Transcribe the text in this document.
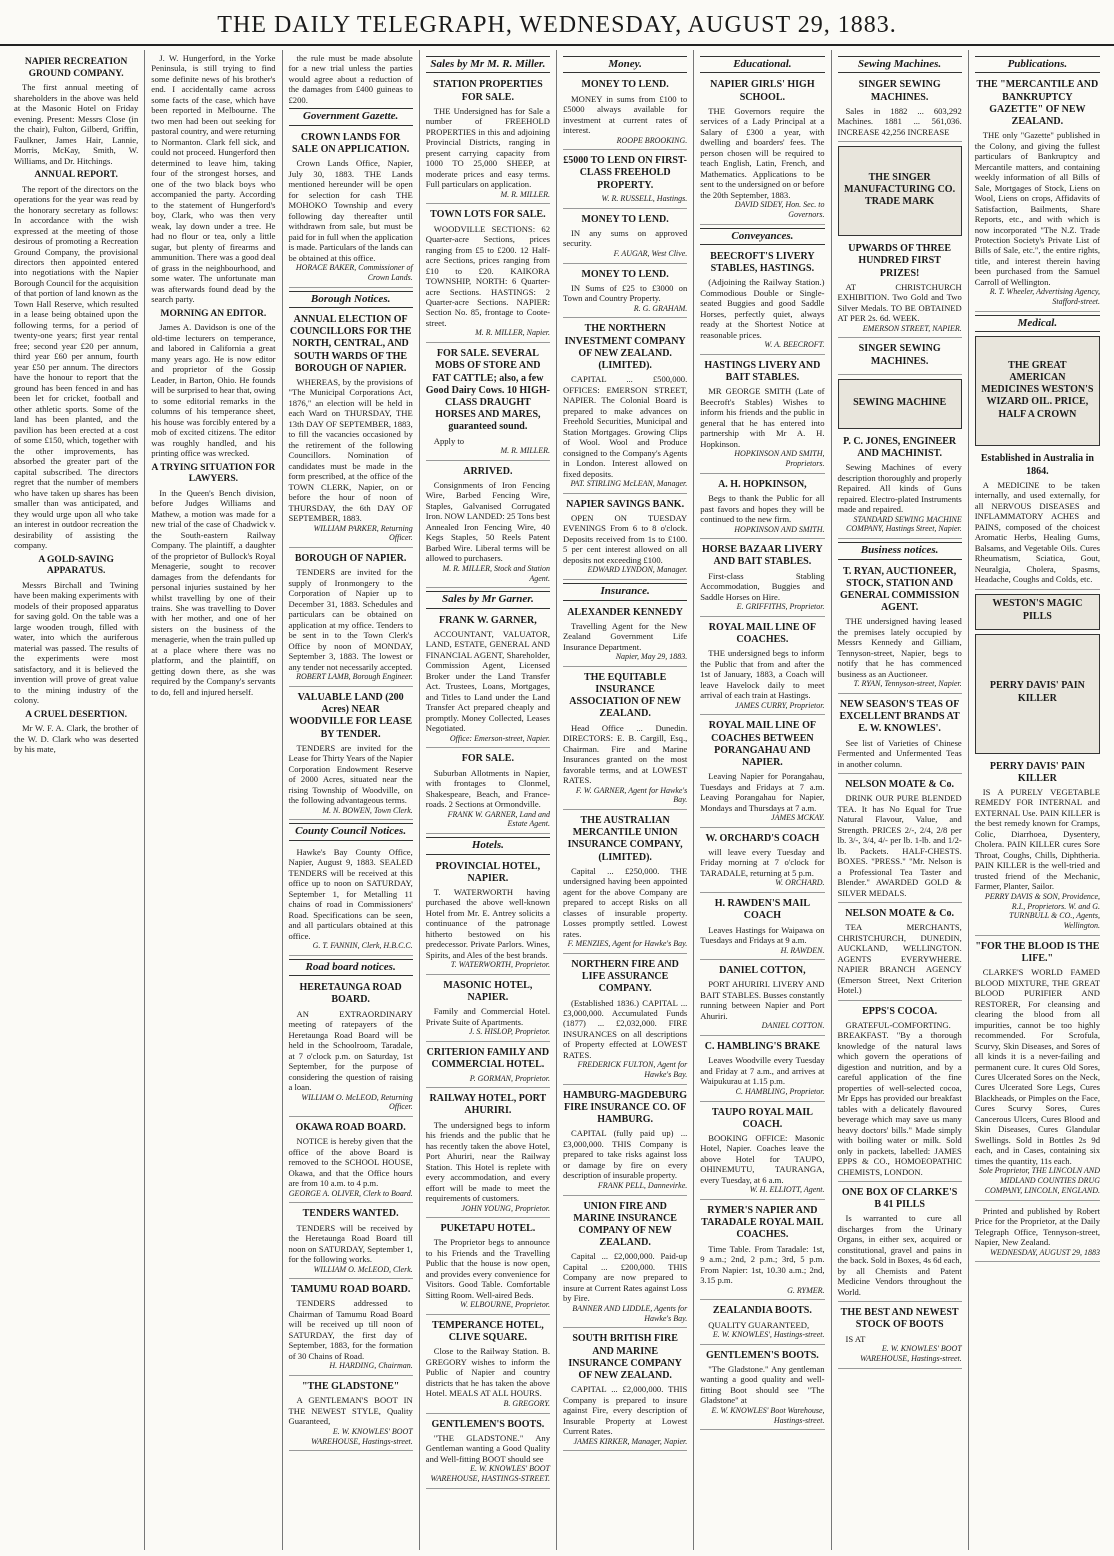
THE DAILY TELEGRAPH, WEDNESDAY, AUGUST 29, 1883.
NAPIER RECREATION GROUND COMPANY.
The first annual meeting of shareholders in the above was held at the Masonic Hotel on Friday evening. Present: Messrs Close (in the chair), Fulton, Gilberd, Griffin, Faulkner, James Hair, Lannie, Morris, McKay, Smith, W. Williams, and Dr. Hitchings.
ANNUAL REPORT.
The report of the directors on the operations for the year was read by the honorary secretary as follows: In accordance with the wish expressed at the meeting of those desirous of promoting a Recreation Ground Company, the provisional directors then appointed entered into negotiations with the Napier Borough Council for the acquisition of that portion of land known as the Town Hall Reserve, which resulted in a lease being obtained upon the following terms, for a period of twenty-one years; first year rental free; second year £20 per annum, third year £60 per annum, fourth year £50 per annum. The directors have the honour to report that the ground has been fenced in and has been let for cricket, football and other athletic sports. Some of the land has been planted, and the pavilion has been erected at a cost of some £150, which, together with the other improvements, has absorbed the greater part of the capital subscribed. The directors regret that the number of members who have taken up shares has been smaller than was anticipated, and they would urge upon all who take an interest in outdoor recreation the desirability of assisting the company.
A GOLD-SAVING APPARATUS.
Messrs Birchall and Twining have been making experiments with models of their proposed apparatus for saving gold. On the table was a large wooden trough, filled with water, into which the auriferous material was passed. The results of the experiments were most satisfactory, and it is believed the invention will prove of great value to the mining industry of the colony.
A CRUEL DESERTION.
Mr W. F. A. Clark, the brother of the W. D. Clark who was deserted by his mate,
J. W. Hungerford, in the Yorke Peninsula, is still trying to find some definite news of his brother's end. I accidentally came across some facts of the case, which have been reported in Melbourne. The two men had been out seeking for pastoral country, and were returning to Normanton. Clark fell sick, and could not proceed. Hungerford then determined to leave him, taking four of the strongest horses, and one of the two black boys who accompanied the party. According to the statement of Hungerford's boy, Clark, who was then very weak, lay down under a tree. He had no flour or tea, only a little sugar, but plenty of firearms and ammunition. There was a good deal of grass in the neighbourhood, and some water. The unfortunate man was afterwards found dead by the search party.
MORNING AN EDITOR.
James A. Davidson is one of the old-time lecturers on temperance, and labored in California a great many years ago. He is now editor and proprietor of the Gossip Leader, in Barton, Ohio. He founds will be surprised to hear that, owing to some editorial remarks in the columns of his temperance sheet, his house was forcibly entered by a mob of excited citizens. The editor was roughly handled, and his printing office was wrecked.
A TRYING SITUATION FOR LAWYERS.
In the Queen's Bench division, before Judges Williams and Mathew, a motion was made for a new trial of the case of Chadwick v. the South-eastern Railway Company. The plaintiff, a daughter of the proprietor of Bullock's Royal Menagerie, sought to recover damages from the defendants for personal injuries sustained by her whilst travelling by one of their trains. She was travelling to Dover with her mother, and one of her sisters on the business of the menagerie, when the train pulled up at a place where there was no platform, and the plaintiff, on getting down there, as she was required by the Company's servants to do, fell and injured herself.
the rule must be made absolute for a new trial unless the parties would agree about a reduction of the damages from £400 guineas to £200.
Government Gazette.
CROWN LANDS FOR SALE ON APPLICATION.
Crown Lands Office, Napier, July 30, 1883. THE Lands mentioned hereunder will be open for selection for cash THE MOHOKO Township and every following day thereafter until withdrawn from sale, but must be paid for in full when the application is made. Particulars of the lands can be obtained at this office.
HORACE BAKER, Commissioner of Crown Lands.
Borough Notices.
ANNUAL ELECTION OF COUNCILLORS FOR THE NORTH, CENTRAL, AND SOUTH WARDS OF THE BOROUGH OF NAPIER.
WHEREAS, by the provisions of "The Municipal Corporations Act, 1876," an election will be held in each Ward on THURSDAY, THE 13th DAY OF SEPTEMBER, 1883, to fill the vacancies occasioned by the retirement of the following Councillors. Nomination of candidates must be made in the form prescribed, at the office of the TOWN CLERK, Napier, on or before the hour of noon of THURSDAY, the 6th DAY OF SEPTEMBER, 1883.
WILLIAM PARKER, Returning Officer.
BOROUGH OF NAPIER.
TENDERS are invited for the supply of Ironmongery to the Corporation of Napier up to December 31, 1883. Schedules and particulars can be obtained on application at my office. Tenders to be sent in to the Town Clerk's Office by noon of MONDAY, September 3, 1883. The lowest or any tender not necessarily accepted.
ROBERT LAMB, Borough Engineer.
VALUABLE LAND (200 Acres) NEAR WOODVILLE FOR LEASE BY TENDER.
TENDERS are invited for the Lease for Thirty Years of the Napier Corporation Endowment Reserve of 2000 Acres, situated near the rising Township of Woodville, on the following advantageous terms.
M. N. BOWEN, Town Clerk.
County Council Notices.
Hawke's Bay County Office, Napier, August 9, 1883. SEALED TENDERS will be received at this office up to noon on SATURDAY, September 1, for Metalling 11 chains of road in Commissioners' Road. Specifications can be seen, and all particulars obtained at this office.
G. T. FANNIN, Clerk, H.B.C.C.
Road board notices.
HERETAUNGA ROAD BOARD.
AN EXTRAORDINARY meeting of ratepayers of the Heretaunga Road Board will be held in the Schoolroom, Taradale, at 7 o'clock p.m. on Saturday, 1st September, for the purpose of considering the question of raising a loan.
WILLIAM O. McLEOD, Returning Officer.
OKAWA ROAD BOARD.
NOTICE is hereby given that the office of the above Board is removed to the SCHOOL HOUSE, Okawa, and that the Office hours are from 10 a.m. to 4 p.m.
GEORGE A. OLIVER, Clerk to Board.
TENDERS WANTED.
TENDERS will be received by the Heretaunga Road Board till noon on SATURDAY, September 1, for the following works.
WILLIAM O. McLEOD, Clerk.
TAMUMU ROAD BOARD.
TENDERS addressed to Chairman of Tamumu Road Board will be received up till noon of SATURDAY, the first day of September, 1883, for the formation of 30 Chains of Road.
H. HARDING, Chairman.
"THE GLADSTONE"
A GENTLEMAN'S BOOT IN THE NEWEST STYLE, Quality Guaranteed,
E. W. KNOWLES' BOOT WAREHOUSE, Hastings-street.
Sales by Mr M. R. Miller.
STATION PROPERTIES FOR SALE.
THE Undersigned has for Sale a number of FREEHOLD PROPERTIES in this and adjoining Provincial Districts, ranging in present carrying capacity from 1000 TO 25,000 SHEEP, at moderate prices and easy terms. Full particulars on application.
M. R. MILLER.
TOWN LOTS FOR SALE.
WOODVILLE SECTIONS: 62 Quarter-acre Sections, prices ranging from £5 to £200. 12 Half-acre Sections, prices ranging from £10 to £20. KAIKORA TOWNSHIP, NORTH: 6 Quarter-acre Sections. HASTINGS: 2 Quarter-acre Sections. NAPIER: Section No. 85, frontage to Coote-street.
M. R. MILLER, Napier.
FOR SALE. SEVERAL MOBS OF STORE AND FAT CATTLE; also, a few Good Dairy Cows. 10 HIGH-CLASS DRAUGHT HORSES AND MARES, guaranteed sound.
Apply to
M. R. MILLER.
ARRIVED.
Consignments of Iron Fencing Wire, Barbed Fencing Wire, Staples, Galvanised Corrugated Iron. NOW LANDED: 25 Tons best Annealed Iron Fencing Wire, 40 Kegs Staples, 50 Reels Patent Barbed Wire. Liberal terms will be allowed to purchasers.
M. R. MILLER, Stock and Station Agent.
Sales by Mr Garner.
FRANK W. GARNER,
ACCOUNTANT, VALUATOR, LAND, ESTATE, GENERAL AND FINANCIAL AGENT, Shareholder, Commission Agent, Licensed Broker under the Land Transfer Act. Trustees, Loans, Mortgages, and Titles to Land under the Land Transfer Act prepared cheaply and promptly. Money Collected, Leases Negotiated.
Office: Emerson-street, Napier.
FOR SALE.
Suburban Allotments in Napier, with frontages to Clonmel, Shakespeare, Beach, and France-roads. 2 Sections at Ormondville.
FRANK W. GARNER, Land and Estate Agent.
Hotels.
PROVINCIAL HOTEL, NAPIER.
T. WATERWORTH having purchased the above well-known Hotel from Mr. E. Antrey solicits a continuance of the patronage hitherto bestowed on his predecessor. Private Parlors. Wines, Spirits, and Ales of the best brands.
T. WATERWORTH, Proprietor.
MASONIC HOTEL, NAPIER.
Family and Commercial Hotel. Private Suite of Apartments.
J. S. HISLOP, Proprietor.
CRITERION FAMILY AND COMMERCIAL HOTEL.
P. GORMAN, Proprietor.
RAILWAY HOTEL, PORT AHURIRI.
The undersigned begs to inform his friends and the public that he has recently taken the above Hotel, Port Ahuriri, near the Railway Station. This Hotel is replete with every accommodation, and every effort will be made to meet the requirements of customers.
JOHN YOUNG, Proprietor.
PUKETAPU HOTEL.
The Proprietor begs to announce to his Friends and the Travelling Public that the house is now open, and provides every convenience for Visitors. Good Table. Comfortable Sitting Room. Well-aired Beds.
W. ELBOURNE, Proprietor.
TEMPERANCE HOTEL, CLIVE SQUARE.
Close to the Railway Station. B. GREGORY wishes to inform the Public of Napier and country districts that he has taken the above Hotel. MEALS AT ALL HOURS.
B. GREGORY.
GENTLEMEN'S BOOTS.
"THE GLADSTONE." Any Gentleman wanting a Good Quality and Well-fitting BOOT should see
E. W. KNOWLES' BOOT WAREHOUSE, HASTINGS-STREET.
Money.
MONEY TO LEND.
MONEY in sums from £100 to £5000 always available for investment at current rates of interest.
ROOPE BROOKING.
£5000 TO LEND ON FIRST-CLASS FREEHOLD PROPERTY.
W. R. RUSSELL, Hastings.
MONEY TO LEND.
IN any sums on approved security.
F. AUGAR, West Clive.
MONEY TO LEND.
IN Sums of £25 to £3000 on Town and Country Property.
R. G. GRAHAM.
THE NORTHERN INVESTMENT COMPANY OF NEW ZEALAND. (LIMITED).
CAPITAL ... £500,000. OFFICES: EMERSON STREET, NAPIER. The Colonial Board is prepared to make advances on Freehold Securities, Municipal and Station Mortgages. Growing Clips of Wool. Wool and Produce consigned to the Company's Agents in London. Interest allowed on fixed deposits.
PAT. STIRLING McLEAN, Manager.
NAPIER SAVINGS BANK.
OPEN ON TUESDAY EVENINGS From 6 to 8 o'clock. Deposits received from 1s to £100. 5 per cent interest allowed on all deposits not exceeding £100.
EDWARD LYNDON, Manager.
Insurance.
ALEXANDER KENNEDY
Travelling Agent for the New Zealand Government Life Insurance Department.
Napier, May 29, 1883.
THE EQUITABLE INSURANCE ASSOCIATION OF NEW ZEALAND.
Head Office ... Dunedin. DIRECTORS: E. B. Cargill, Esq., Chairman. Fire and Marine Insurances granted on the most favorable terms, and at LOWEST RATES.
F. W. GARNER, Agent for Hawke's Bay.
THE AUSTRALIAN MERCANTILE UNION INSURANCE COMPANY, (LIMITED).
Capital ... £250,000. THE undersigned having been appointed agent for the above Company are prepared to accept Risks on all classes of insurable property. Losses promptly settled. Lowest rates.
F. MENZIES, Agent for Hawke's Bay.
NORTHERN FIRE AND LIFE ASSURANCE COMPANY.
(Established 1836.) CAPITAL ... £3,000,000. Accumulated Funds (1877) ... £2,032,000. FIRE INSURANCES on all descriptions of Property effected at LOWEST RATES.
FREDERICK FULTON, Agent for Hawke's Bay.
HAMBURG-MAGDEBURG FIRE INSURANCE CO. OF HAMBURG.
CAPITAL (fully paid up) ... £3,000,000. THIS Company is prepared to take risks against loss or damage by fire on every description of insurable property.
FRANK PELL, Dannevirke.
UNION FIRE AND MARINE INSURANCE COMPANY OF NEW ZEALAND.
Capital ... £2,000,000. Paid-up Capital ... £200,000. THIS Company are now prepared to insure at Current Rates against Loss by Fire.
BANNER AND LIDDLE, Agents for Hawke's Bay.
SOUTH BRITISH FIRE AND MARINE INSURANCE COMPANY OF NEW ZEALAND.
CAPITAL ... £2,000,000. THIS Company is prepared to insure against Fire, every description of Insurable Property at Lowest Current Rates.
JAMES KIRKER, Manager, Napier.
Educational.
NAPIER GIRLS' HIGH SCHOOL.
THE Governors require the services of a Lady Principal at a Salary of £300 a year, with dwelling and boarders' fees. The person chosen will be required to teach English, Latin, French, and Mathematics. Applications to be sent to the undersigned on or before the 20th September, 1883.
DAVID SIDEY, Hon. Sec. to Governors.
Conveyances.
BEECROFT'S LIVERY STABLES, HASTINGS.
(Adjoining the Railway Station.) Commodious Double or Single-seated Buggies and good Saddle Horses, perfectly quiet, always ready at the Shortest Notice at reasonable prices.
W. A. BEECROFT.
HASTINGS LIVERY AND BAIT STABLES.
MR GEORGE SMITH (Late of Beecroft's Stables) Wishes to inform his friends and the public in general that he has entered into partnership with Mr A. H. Hopkinson.
HOPKINSON AND SMITH, Proprietors.
A. H. HOPKINSON,
Begs to thank the Public for all past favors and hopes they will be continued to the new firm.
HOPKINSON AND SMITH.
HORSE BAZAAR LIVERY AND BAIT STABLES.
First-class Stabling Accommodation, Buggies and Saddle Horses on Hire.
E. GRIFFITHS, Proprietor.
ROYAL MAIL LINE OF COACHES.
THE undersigned begs to inform the Public that from and after the 1st of January, 1883, a Coach will leave Havelock daily to meet arrival of each train at Hastings.
JAMES CURRY, Proprietor.
ROYAL MAIL LINE OF COACHES BETWEEN PORANGAHAU AND NAPIER.
Leaving Napier for Porangahau, Tuesdays and Fridays at 7 a.m. Leaving Porangahau for Napier, Mondays and Thursdays at 7 a.m.
JAMES MCKAY.
W. ORCHARD'S COACH
will leave every Tuesday and Friday morning at 7 o'clock for TARADALE, returning at 5 p.m.
W. ORCHARD.
H. RAWDEN'S MAIL COACH
Leaves Hastings for Waipawa on Tuesdays and Fridays at 9 a.m.
H. RAWDEN.
DANIEL COTTON,
PORT AHURIRI. LIVERY AND BAIT STABLES. Busses constantly running between Napier and Port Ahuriri.
DANIEL COTTON.
C. HAMBLING'S BRAKE
Leaves Woodville every Tuesday and Friday at 7 a.m., and arrives at Waipukurau at 1.15 p.m.
C. HAMBLING, Proprietor.
TAUPO ROYAL MAIL COACH.
BOOKING OFFICE: Masonic Hotel, Napier. Coaches leave the above Hotel for TAUPO, OHINEMUTU, TAURANGA, every Tuesday, at 6 a.m.
W. H. ELLIOTT, Agent.
RYMER'S NAPIER AND TARADALE ROYAL MAIL COACHES.
Time Table. From Taradale: 1st, 9 a.m.; 2nd, 2 p.m.; 3rd, 5 p.m. From Napier: 1st, 10.30 a.m.; 2nd, 3.15 p.m.
G. RYMER.
ZEALANDIA BOOTS.
QUALITY GUARANTEED,
E. W. KNOWLES', Hastings-street.
GENTLEMEN'S BOOTS.
"The Gladstone." Any gentleman wanting a good quality and well-fitting Boot should see "The Gladstone" at
E. W. KNOWLES' Boot Warehouse, Hastings-street.
Sewing Machines.
SINGER SEWING MACHINES.
Sales in 1882 ... 603,292 Machines. 1881 ... 561,036. INCREASE 42,256 INCREASE
THE SINGER MANUFACTURING CO. TRADE MARK
UPWARDS OF THREE HUNDRED FIRST PRIZES!
AT CHRISTCHURCH EXHIBITION. Two Gold and Two Silver Medals. TO BE OBTAINED AT PER 2s. 6d. WEEK.
EMERSON STREET, NAPIER.
SINGER SEWING MACHINES.
SEWING MACHINE
P. C. JONES, ENGINEER AND MACHINIST.
Sewing Machines of every description thoroughly and properly Repaired. All kinds of Guns repaired. Electro-plated Instruments made and repaired.
STANDARD SEWING MACHINE COMPANY, Hastings Street, Napier.
Business notices.
T. RYAN, AUCTIONEER, STOCK, STATION AND GENERAL COMMISSION AGENT.
THE undersigned having leased the premises lately occupied by Messrs Kennedy and Gilliam, Tennyson-street, Napier, begs to notify that he has commenced business as an Auctioneer.
T. RYAN, Tennyson-street, Napier.
NEW SEASON'S TEAS OF EXCELLENT BRANDS AT E. W. KNOWLES'.
See list of Varieties of Chinese Fermented and Unfermented Teas in another column.
NELSON MOATE & Co.
DRINK OUR PURE BLENDED TEA. It has No Equal for True Natural Flavour, Value, and Strength. PRICES 2/-, 2/4, 2/8 per lb. 3/-, 3/4, 4/- per lb. 1-lb. and 1/2-lb. Packets. HALF-CHESTS. BOXES. "PRESS." "Mr. Nelson is a Professional Tea Taster and Blender." AWARDED GOLD & SILVER MEDALS.
NELSON MOATE & Co.
TEA MERCHANTS, CHRISTCHURCH, DUNEDIN, AUCKLAND, WELLINGTON. AGENTS EVERYWHERE. NAPIER BRANCH AGENCY (Emerson Street, Next Criterion Hotel.)
EPPS'S COCOA.
GRATEFUL-COMFORTING. BREAKFAST. "By a thorough knowledge of the natural laws which govern the operations of digestion and nutrition, and by a careful application of the fine properties of well-selected cocoa, Mr Epps has provided our breakfast tables with a delicately flavoured beverage which may save us many heavy doctors' bills." Made simply with boiling water or milk. Sold only in packets, labelled: JAMES EPPS & CO., HOMOEOPATHIC CHEMISTS, LONDON.
ONE BOX OF CLARKE'S B 41 PILLS
Is warranted to cure all discharges from the Urinary Organs, in either sex, acquired or constitutional, gravel and pains in the back. Sold in Boxes, 4s 6d each, by all Chemists and Patent Medicine Vendors throughout the World.
THE BEST AND NEWEST STOCK OF BOOTS
IS AT
E. W. KNOWLES' BOOT WAREHOUSE, Hastings-street.
Publications.
THE "MERCANTILE AND BANKRUPTCY GAZETTE" OF NEW ZEALAND.
THE only "Gazette" published in the Colony, and giving the fullest particulars of Bankruptcy and Mercantile matters, and containing weekly information of all Bills of Sale, Mortgages of Stock, Liens on Wool, Liens on crops, Affidavits of Satisfaction, Bailments, Share Reports, etc., and with which is now incorporated "The N.Z. Trade Protection Society's Private List of Bills of Sale, etc.", the entire rights, title, and interest therein having been purchased from the Samuel Carroll of Wellington.
R. T. Wheeler, Advertising Agency, Stafford-street.
Medical.
THE GREAT AMERICAN MEDICINES WESTON'S WIZARD OIL. PRICE, HALF A CROWN
Established in Australia in 1864.
A MEDICINE to be taken internally, and used externally, for all NERVOUS DISEASES and INFLAMMATORY ACHES and PAINS, composed of the choicest Aromatic Herbs, Healing Gums, Balsams, and Vegetable Oils. Cures Rheumatism, Sciatica, Gout, Neuralgia, Cholera, Spasms, Headache, Coughs and Colds, etc.
WESTON'S MAGIC PILLS
PERRY DAVIS' PAIN KILLER
PERRY DAVIS' PAIN KILLER
IS A PURELY VEGETABLE REMEDY FOR INTERNAL and EXTERNAL Use. PAIN KILLER is the best remedy known for Cramps, Colic, Diarrhoea, Dysentery, Cholera. PAIN KILLER cures Sore Throat, Coughs, Chills, Diphtheria. PAIN KILLER is the well-tried and trusted friend of the Mechanic, Farmer, Planter, Sailor.
PERRY DAVIS & SON, Providence, R.I., Proprietors. W. and G. TURNBULL & CO., Agents, Wellington.
"FOR THE BLOOD IS THE LIFE."
CLARKE'S WORLD FAMED BLOOD MIXTURE, THE GREAT BLOOD PURIFIER AND RESTORER, For cleansing and clearing the blood from all impurities, cannot be too highly recommended. For Scrofula, Scurvy, Skin Diseases, and Sores of all kinds it is a never-failing and permanent cure. It cures Old Sores, Cures Ulcerated Sores on the Neck, Cures Ulcerated Sore Legs, Cures Blackheads, or Pimples on the Face, Cures Scurvy Sores, Cures Cancerous Ulcers, Cures Blood and Skin Diseases, Cures Glandular Swellings. Sold in Bottles 2s 9d each, and in Cases, containing six times the quantity, 11s each.
Sole Proprietor, THE LINCOLN AND MIDLAND COUNTIES DRUG COMPANY, LINCOLN, ENGLAND.
Printed and published by Robert Price for the Proprietor, at the Daily Telegraph Office, Tennyson-street, Napier, New Zealand.
WEDNESDAY, AUGUST 29, 1883
